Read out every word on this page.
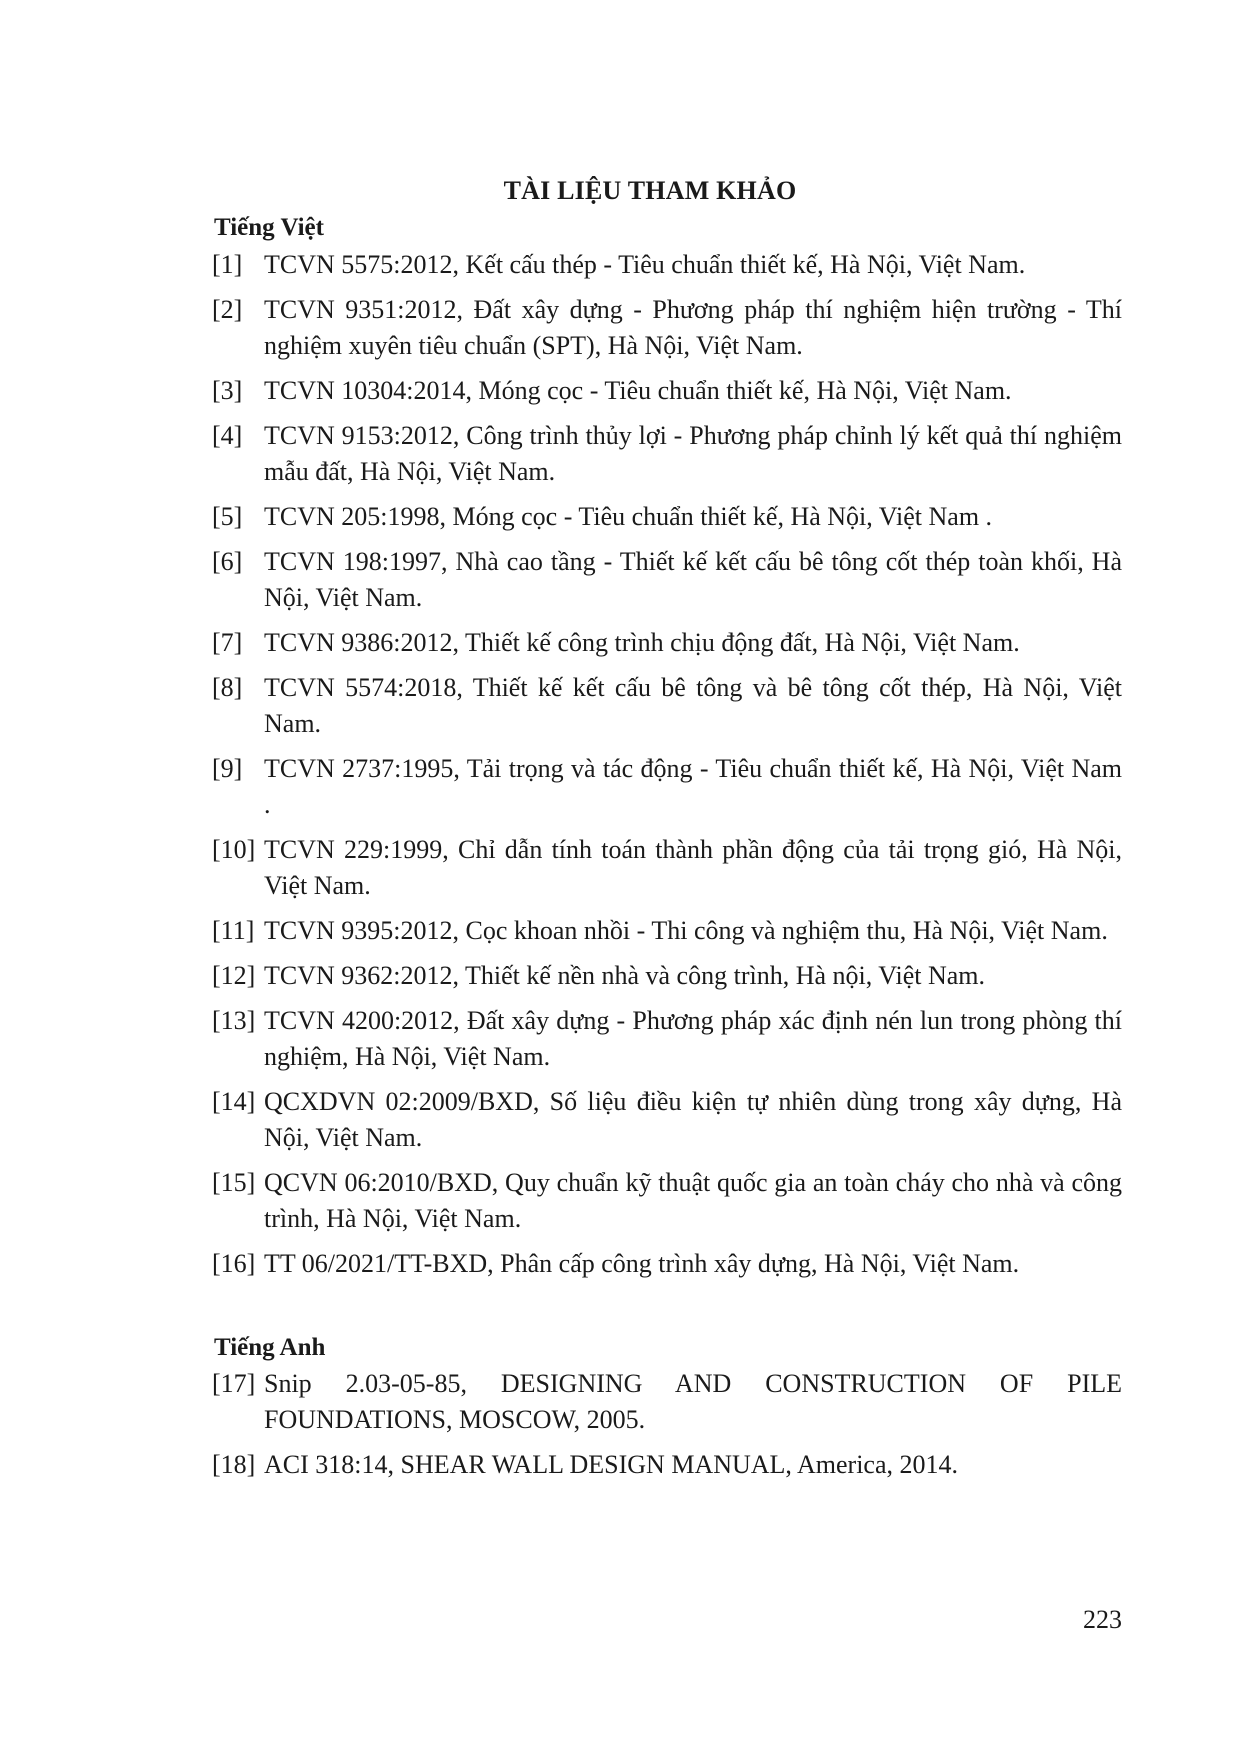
TÀI LIỆU THAM KHẢO
Tiếng Việt
[1] TCVN 5575:2012, Kết cấu thép - Tiêu chuẩn thiết kế, Hà Nội, Việt Nam.
[2] TCVN 9351:2012, Đất xây dựng - Phương pháp thí nghiệm hiện trường - Thí nghiệm xuyên tiêu chuẩn (SPT), Hà Nội, Việt Nam.
[3] TCVN 10304:2014, Móng cọc - Tiêu chuẩn thiết kế, Hà Nội, Việt Nam.
[4] TCVN 9153:2012, Công trình thủy lợi - Phương pháp chỉnh lý kết quả thí nghiệm mẫu đất, Hà Nội, Việt Nam.
[5] TCVN 205:1998, Móng cọc - Tiêu chuẩn thiết kế, Hà Nội, Việt Nam .
[6] TCVN 198:1997, Nhà cao tầng - Thiết kế kết cấu bê tông cốt thép toàn khối, Hà Nội, Việt Nam.
[7] TCVN 9386:2012, Thiết kế công trình chịu động đất, Hà Nội, Việt Nam.
[8] TCVN 5574:2018, Thiết kế kết cấu bê tông và bê tông cốt thép, Hà Nội, Việt Nam.
[9] TCVN 2737:1995, Tải trọng và tác động - Tiêu chuẩn thiết kế, Hà Nội, Việt Nam .
[10] TCVN 229:1999, Chỉ dẫn tính toán thành phần động của tải trọng gió, Hà Nội, Việt Nam.
[11] TCVN 9395:2012, Cọc khoan nhồi - Thi công và nghiệm thu, Hà Nội, Việt Nam.
[12] TCVN 9362:2012, Thiết kế nền nhà và công trình, Hà nội, Việt Nam.
[13] TCVN 4200:2012, Đất xây dựng - Phương pháp xác định nén lun trong phòng thí nghiệm, Hà Nội, Việt Nam.
[14] QCXDVN 02:2009/BXD, Số liệu điều kiện tự nhiên dùng trong xây dựng, Hà Nội, Việt Nam.
[15] QCVN 06:2010/BXD, Quy chuẩn kỹ thuật quốc gia an toàn cháy cho nhà và công trình, Hà Nội, Việt Nam.
[16] TT 06/2021/TT-BXD, Phân cấp công trình xây dựng, Hà Nội, Việt Nam.
Tiếng Anh
[17] Snip 2.03-05-85, DESIGNING AND CONSTRUCTION OF PILE FOUNDATIONS, MOSCOW, 2005.
[18] ACI 318:14, SHEAR WALL DESIGN MANUAL, America, 2014.
223
